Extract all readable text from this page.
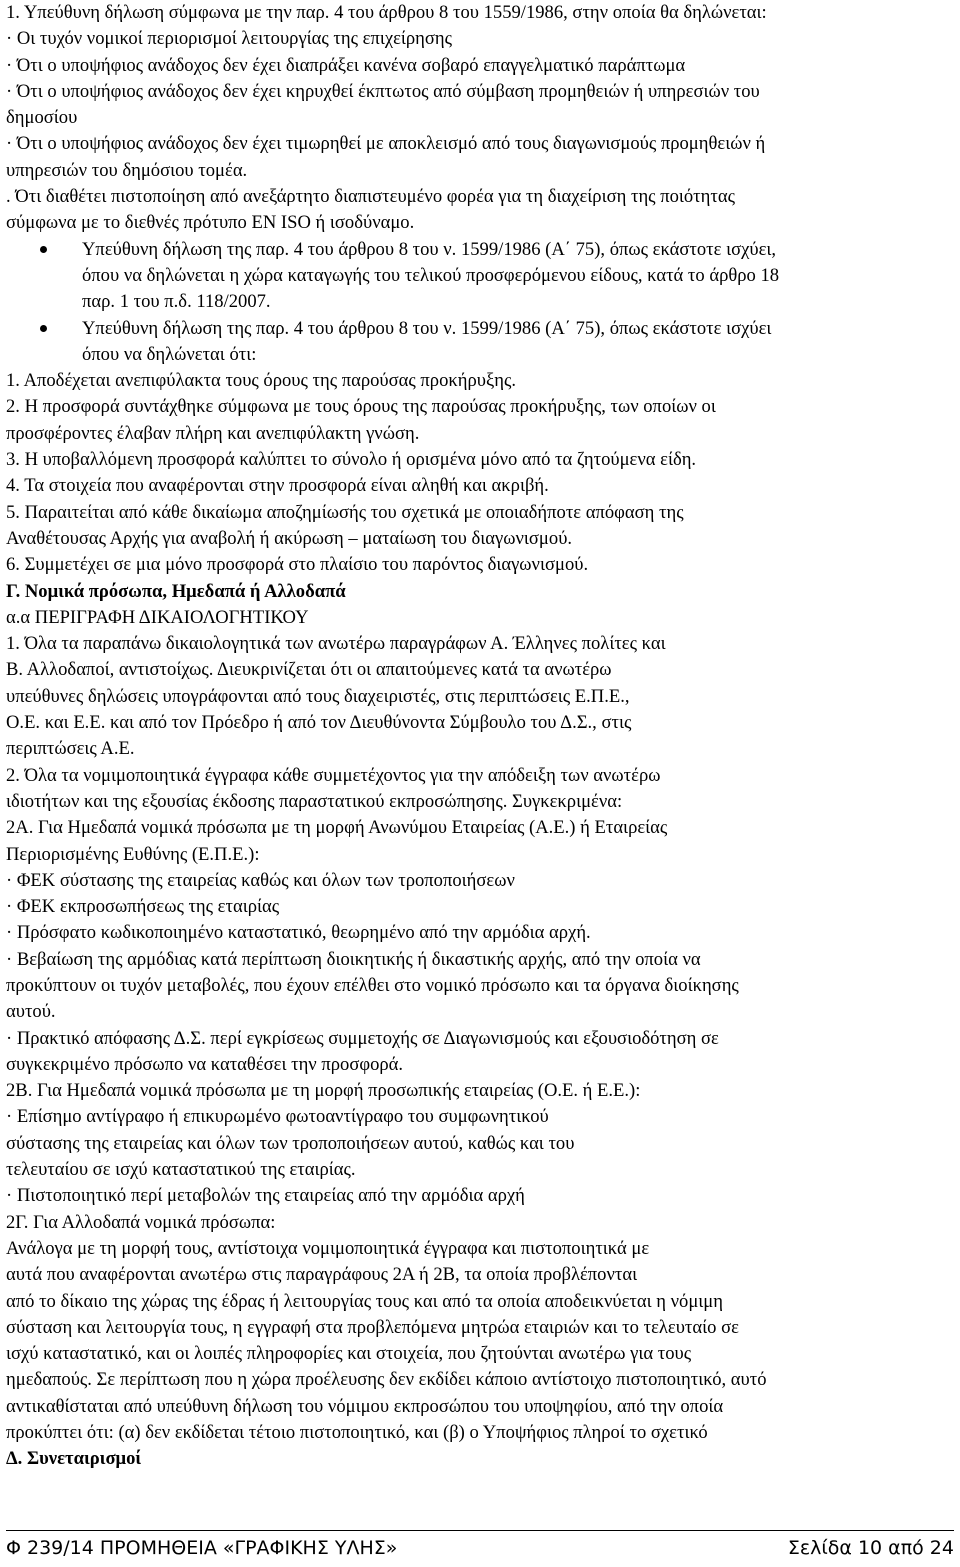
1. Υπεύθυνη δήλωση σύμφωνα με την παρ. 4 του άρθρου 8 του 1559/1986, στην οποία θα δηλώνεται:
· Οι τυχόν νομικοί περιορισμοί λειτουργίας της επιχείρησης
· Ότι ο υποψήφιος ανάδοχος δεν έχει διαπράξει κανένα σοβαρό επαγγελματικό παράπτωμα
· Ότι ο υποψήφιος ανάδοχος δεν έχει κηρυχθεί έκπτωτος από σύμβαση προμηθειών ή υπηρεσιών του
δημοσίου
· Ότι ο υποψήφιος ανάδοχος δεν έχει τιμωρηθεί με αποκλεισμό από τους διαγωνισμούς προμηθειών ή
υπηρεσιών του δημόσιου τομέα.
. Ότι διαθέτει πιστοποίηση από ανεξάρτητο διαπιστευμένο φορέα για τη διαχείριση της ποιότητας
σύμφωνα με το διεθνές πρότυπο EN ISO ή ισοδύναμο.
Υπεύθυνη δήλωση της παρ. 4 του άρθρου 8 του ν. 1599/1986 (Α΄ 75), όπως εκάστοτε ισχύει,
όπου να δηλώνεται η χώρα καταγωγής του τελικού προσφερόμενου είδους, κατά το άρθρο 18
παρ. 1 του π.δ. 118/2007.
Υπεύθυνη δήλωση της παρ. 4 του άρθρου 8 του ν. 1599/1986 (Α΄ 75), όπως εκάστοτε ισχύει
όπου να δηλώνεται ότι:
1. Αποδέχεται ανεπιφύλακτα τους όρους της παρούσας προκήρυξης.
2. Η προσφορά συντάχθηκε σύμφωνα με τους όρους της παρούσας προκήρυξης, των οποίων οι
προσφέροντες έλαβαν πλήρη και ανεπιφύλακτη γνώση.
3. Η υποβαλλόμενη προσφορά καλύπτει το σύνολο ή ορισμένα μόνο από τα ζητούμενα είδη.
4. Τα στοιχεία που αναφέρονται στην προσφορά είναι αληθή και ακριβή.
5. Παραιτείται από κάθε δικαίωμα αποζημίωσής του σχετικά με οποιαδήποτε απόφαση της
Αναθέτουσας Αρχής για αναβολή ή ακύρωση – ματαίωση του διαγωνισμού.
6. Συμμετέχει σε μια μόνο προσφορά στο πλαίσιο του παρόντος διαγωνισμού.
Γ. Νομικά πρόσωπα, Ημεδαπά ή Αλλοδαπά
α.α ΠΕΡΙΓΡΑΦΗ ΔΙΚΑΙΟΛΟΓΗΤΙΚΟΥ
1. Όλα τα παραπάνω δικαιολογητικά των ανωτέρω παραγράφων Α. Έλληνες πολίτες και
Β. Αλλοδαποί, αντιστοίχως. Διευκρινίζεται ότι οι απαιτούμενες κατά τα ανωτέρω
υπεύθυνες δηλώσεις υπογράφονται από τους διαχειριστές, στις περιπτώσεις Ε.Π.Ε.,
Ο.Ε. και Ε.Ε. και από τον Πρόεδρο ή από τον Διευθύνοντα Σύμβουλο του Δ.Σ., στις
περιπτώσεις Α.Ε.
2. Όλα τα νομιμοποιητικά έγγραφα κάθε συμμετέχοντος για την απόδειξη των ανωτέρω
ιδιοτήτων και της εξουσίας έκδοσης παραστατικού εκπροσώπησης. Συγκεκριμένα:
2Α. Για Ημεδαπά νομικά πρόσωπα με τη μορφή Ανωνύμου Εταιρείας (Α.Ε.) ή Εταιρείας
Περιορισμένης Ευθύνης (Ε.Π.Ε.):
· ΦΕΚ σύστασης της εταιρείας καθώς και όλων των τροποποιήσεων
· ΦΕΚ εκπροσωπήσεως της εταιρίας
· Πρόσφατο κωδικοποιημένο καταστατικό, θεωρημένο από την αρμόδια αρχή.
· Βεβαίωση της αρμόδιας κατά περίπτωση διοικητικής ή δικαστικής αρχής, από την οποία να
προκύπτουν οι τυχόν μεταβολές, που έχουν επέλθει στο νομικό πρόσωπο και τα όργανα διοίκησης
αυτού.
· Πρακτικό απόφασης Δ.Σ. περί εγκρίσεως συμμετοχής σε Διαγωνισμούς και εξουσιοδότηση σε
συγκεκριμένο πρόσωπο να καταθέσει την προσφορά.
2Β. Για Ημεδαπά νομικά πρόσωπα με τη μορφή προσωπικής εταιρείας (Ο.Ε. ή Ε.Ε.):
· Επίσημο αντίγραφο ή επικυρωμένο φωτοαντίγραφο του συμφωνητικού
σύστασης της εταιρείας και όλων των τροποποιήσεων αυτού, καθώς και του
τελευταίου σε ισχύ καταστατικού της εταιρίας.
· Πιστοποιητικό περί μεταβολών της εταιρείας από την αρμόδια αρχή
2Γ. Για Αλλοδαπά νομικά πρόσωπα:
Ανάλογα με τη μορφή τους, αντίστοιχα νομιμοποιητικά έγγραφα και πιστοποιητικά με
αυτά που αναφέρονται ανωτέρω στις παραγράφους 2Α ή 2Β, τα οποία προβλέπονται
από το δίκαιο της χώρας της έδρας ή λειτουργίας τους και από τα οποία αποδεικνύεται η νόμιμη
σύσταση και λειτουργία τους, η εγγραφή στα προβλεπόμενα μητρώα εταιριών και το τελευταίο σε
ισχύ καταστατικό, και οι λοιπές πληροφορίες και στοιχεία, που ζητούνται ανωτέρω για τους
ημεδαπούς. Σε περίπτωση που η χώρα προέλευσης δεν εκδίδει κάποιο αντίστοιχο πιστοποιητικό, αυτό
αντικαθίσταται από υπεύθυνη δήλωση του νόμιμου εκπροσώπου του υποψηφίου, από την οποία
προκύπτει ότι: (α) δεν εκδίδεται τέτοιο πιστοποιητικό, και (β) ο Υποψήφιος πληροί το σχετικό
Δ. Συνεταιρισμοί
Φ 239/14 ΠΡΟΜΗΘΕΙΑ «ΓΡΑΦΙΚΗΣ ΥΛΗΣ»	Σελίδα 10 από 24
